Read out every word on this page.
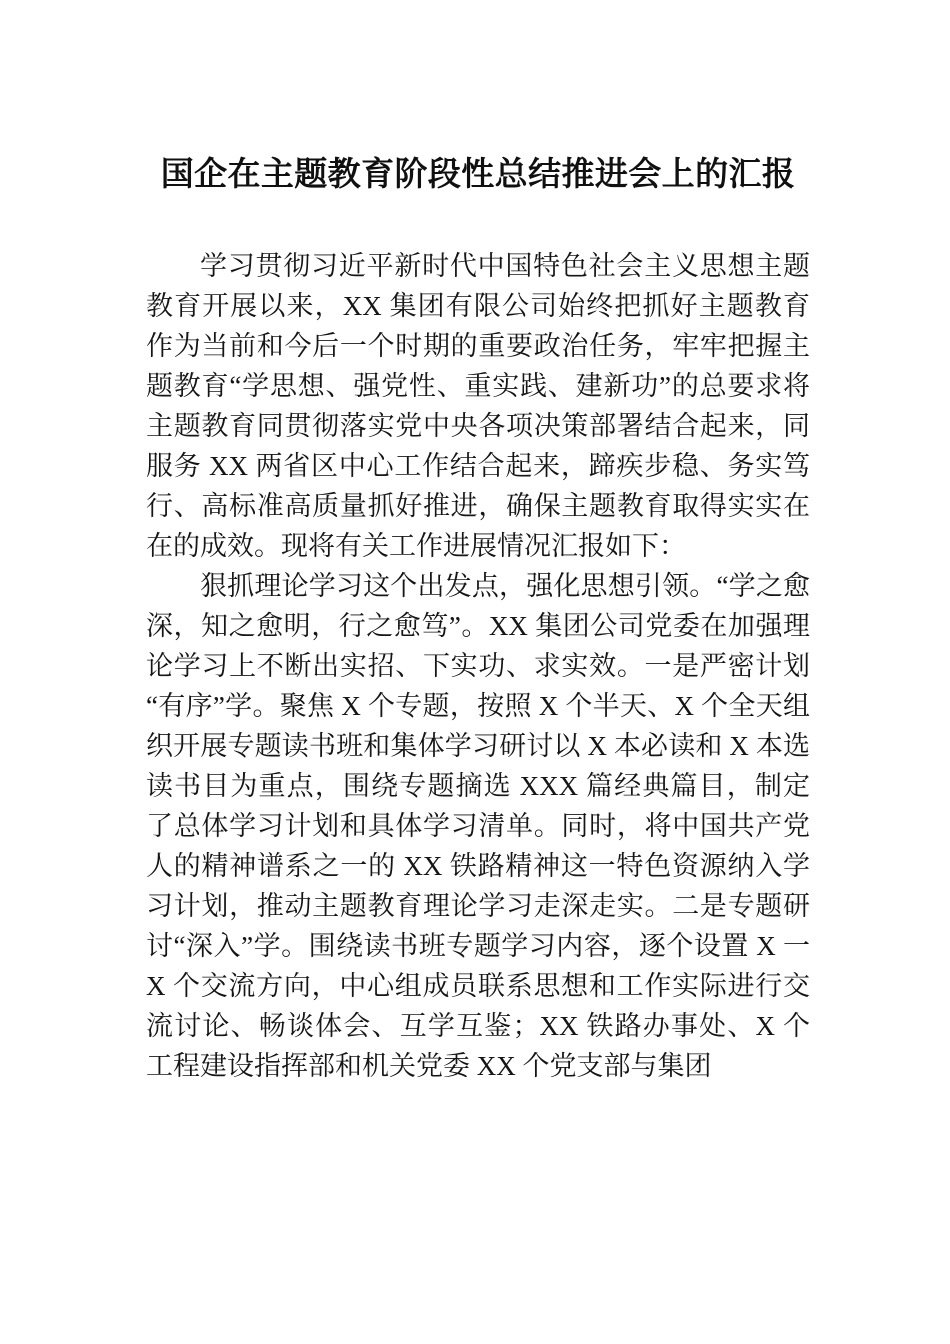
国企在主题教育阶段性总结推进会上的汇报

学习贯彻习近平新时代中国特色社会主义思想主题教育开展以来，XX 集团有限公司始终把抓好主题教育作为当前和今后一个时期的重要政治任务，牢牢把握主题教育“学思想、强党性、重实践、建新功”的总要求将主题教育同贯彻落实党中央各项决策部署结合起来，同服务 XX 两省区中心工作结合起来，蹄疾步稳、务实笃行、高标准高质量抓好推进，确保主题教育取得实实在在的成效。现将有关工作进展情况汇报如下：

狠抓理论学习这个出发点，强化思想引领。“学之愈深，知之愈明，行之愈笃”。XX 集团公司党委在加强理论学习上不断出实招、下实功、求实效。一是严密计划“有序”学。聚焦 X 个专题，按照 X 个半天、X 个全天组织开展专题读书班和集体学习研讨以 X 本必读和 X 本选读书目为重点，围绕专题摘选 XXX 篇经典篇目，制定了总体学习计划和具体学习清单。同时，将中国共产党人的精神谱系之一的 XX 铁路精神这一特色资源纳入学习计划，推动主题教育理论学习走深走实。二是专题研讨“深入”学。围绕读书班专题学习内容，逐个设置 X 一 X 个交流方向，中心组成员联系思想和工作实际进行交流讨论、畅谈体会、互学互鉴；XX 铁路办事处、X 个工程建设指挥部和机关党委 XX 个党支部与集团
